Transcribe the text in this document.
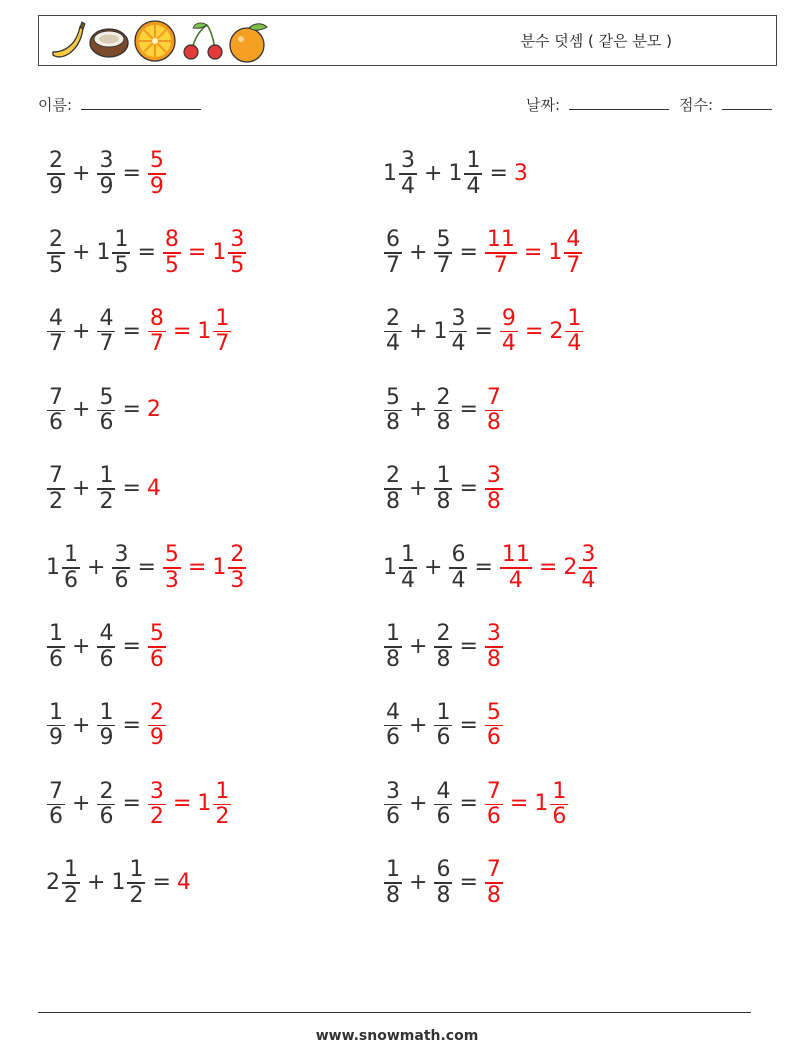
분수 덧셈 ( 같은 분모 )
이름:	날짜:	점수:
$\frac{2}{9} + \frac{3}{9} = \frac{5}{9}$	$1 \frac{3}{4} + 1 \frac{1}{4} = 3$
$\frac{2}{5} + 1 \frac{1}{5} = \frac{8}{5} = 1 \frac{3}{5}$	$\frac{6}{7} + \frac{5}{7} = \frac{11}{7} = 1 \frac{4}{7}$
$\frac{4}{7} + \frac{4}{7} = \frac{8}{7} = 1 \frac{1}{7}$	$\frac{2}{4} + 1 \frac{3}{4} = \frac{9}{4} = 2 \frac{1}{4}$
$\frac{7}{6} + \frac{5}{6} = 2$	$\frac{5}{8} + \frac{2}{8} = \frac{7}{8}$
$\frac{7}{2} + \frac{1}{2} = 4$	$\frac{2}{8} + \frac{1}{8} = \frac{3}{8}$
$1 \frac{1}{6} + \frac{3}{6} = \frac{5}{3} = 1 \frac{2}{3}$	$1 \frac{1}{4} + \frac{6}{4} = \frac{11}{4} = 2 \frac{3}{4}$
$\frac{1}{6} + \frac{4}{6} = \frac{5}{6}$	$\frac{1}{8} + \frac{2}{8} = \frac{3}{8}$
$\frac{1}{9} + \frac{1}{9} = \frac{2}{9}$	$\frac{4}{6} + \frac{1}{6} = \frac{5}{6}$
$\frac{7}{6} + \frac{2}{6} = \frac{3}{2} = 1 \frac{1}{2}$	$\frac{3}{6} + \frac{4}{6} = \frac{7}{6} = 1 \frac{1}{6}$
$2 \frac{1}{2} + 1 \frac{1}{2} = 4$	$\frac{1}{8} + \frac{6}{8} = \frac{7}{8}$
www.snowmath.com
